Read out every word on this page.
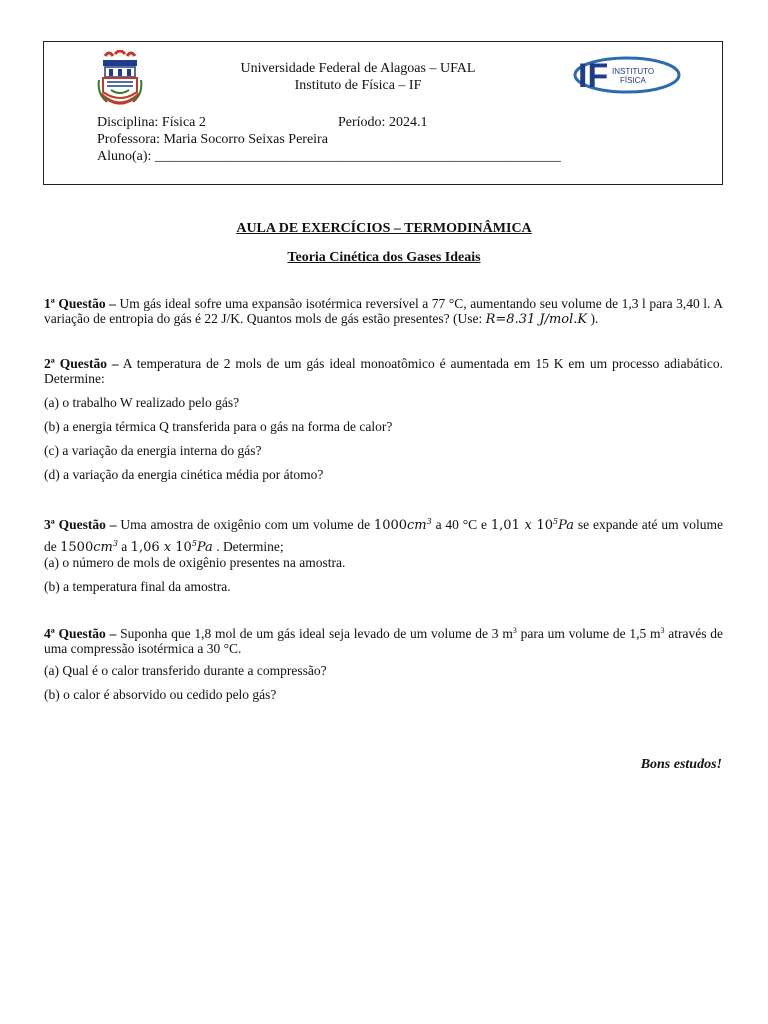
Universidade Federal de Alagoas – UFAL
Instituto de Física – IF	IF INSTITUTO
FÍSICA
Disciplina: Física 2	Período: 2024.1
Professora: Maria Socorro Seixas Pereira
Aluno(a): __________________________________________________________
AULA DE EXERCÍCIOS – TERMODINÂMICA
Teoria Cinética dos Gases Ideais
1ª Questão – Um gás ideal sofre uma expansão isotérmica reversível a 77 °C, aumentando seu volume de 1,3 l para 3,40 l. A variação de entropia do gás é 22 J/K. Quantos mols de gás estão presentes? (Use: R=8.31 J/mol.K ).
2ª Questão – A temperatura de 2 mols de um gás ideal monoatômico é aumentada em 15 K em um processo adiabático. Determine:
(a) o trabalho W realizado pelo gás?
(b) a energia térmica Q transferida para o gás na forma de calor?
(c) a variação da energia interna do gás?
(d) a variação da energia cinética média por átomo?
3ª Questão – Uma amostra de oxigênio com um volume de $1000cm^3$ a 40 °C e 1,01 x $10^5Pa$ se expande até um volume de $1500cm^3$ a 1,06 x $10^5Pa$ . Determine;
(a) o número de mols de oxigênio presentes na amostra.
(b) a temperatura final da amostra.
4ª Questão – Suponha que 1,8 mol de um gás ideal seja levado de um volume de 3 $m^3$ para um volume de 1,5 $m^3$ através de uma compressão isotérmica a 30 °C.
(a) Qual é o calor transferido durante a compressão?
(b) o calor é absorvido ou cedido pelo gás?
Bons estudos!
